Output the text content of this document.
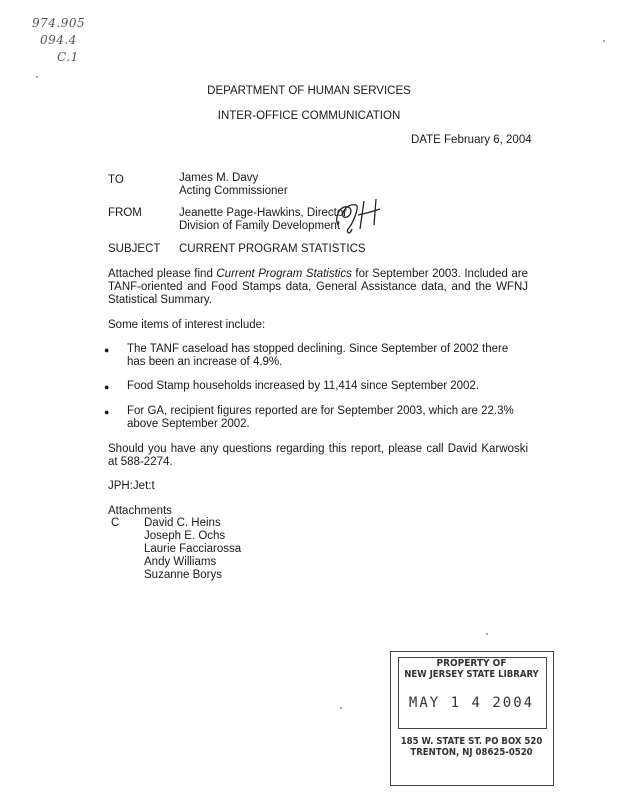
974.905
094.4
C.1
DEPARTMENT OF HUMAN SERVICES
INTER-OFFICE COMMUNICATION
DATE February 6, 2004
TO	James M. Davy
Acting Commissioner
FROM	Jeanette Page-Hawkins, Director
Division of Family Development
SUBJECT CURRENT PROGRAM STATISTICS
Attached please find Current Program Statistics for September 2003. Included are TANF-oriented and Food Stamps data, General Assistance data, and the WFNJ Statistical Summary.
Some items of interest include:
● The TANF caseload has stopped declining. Since September of 2002 there has been an increase of 4.9%.
● Food Stamp households increased by 11,414 since September 2002.
● For GA, recipient figures reported are for September 2003, which are 22.3% above September 2002.
Should you have any questions regarding this report, please call David Karwoski at 588-2274.
JPH:Jet:t
Attachments
C David C. Heins
Joseph E. Ochs
Laurie Facciarossa
Andy Williams
Suzanne Borys
PROPERTY OF
NEW JERSEY STATE LIBRARY
MAY 1 4 2004
185 W. STATE ST. PO BOX 520
TRENTON, NJ 08625-0520
